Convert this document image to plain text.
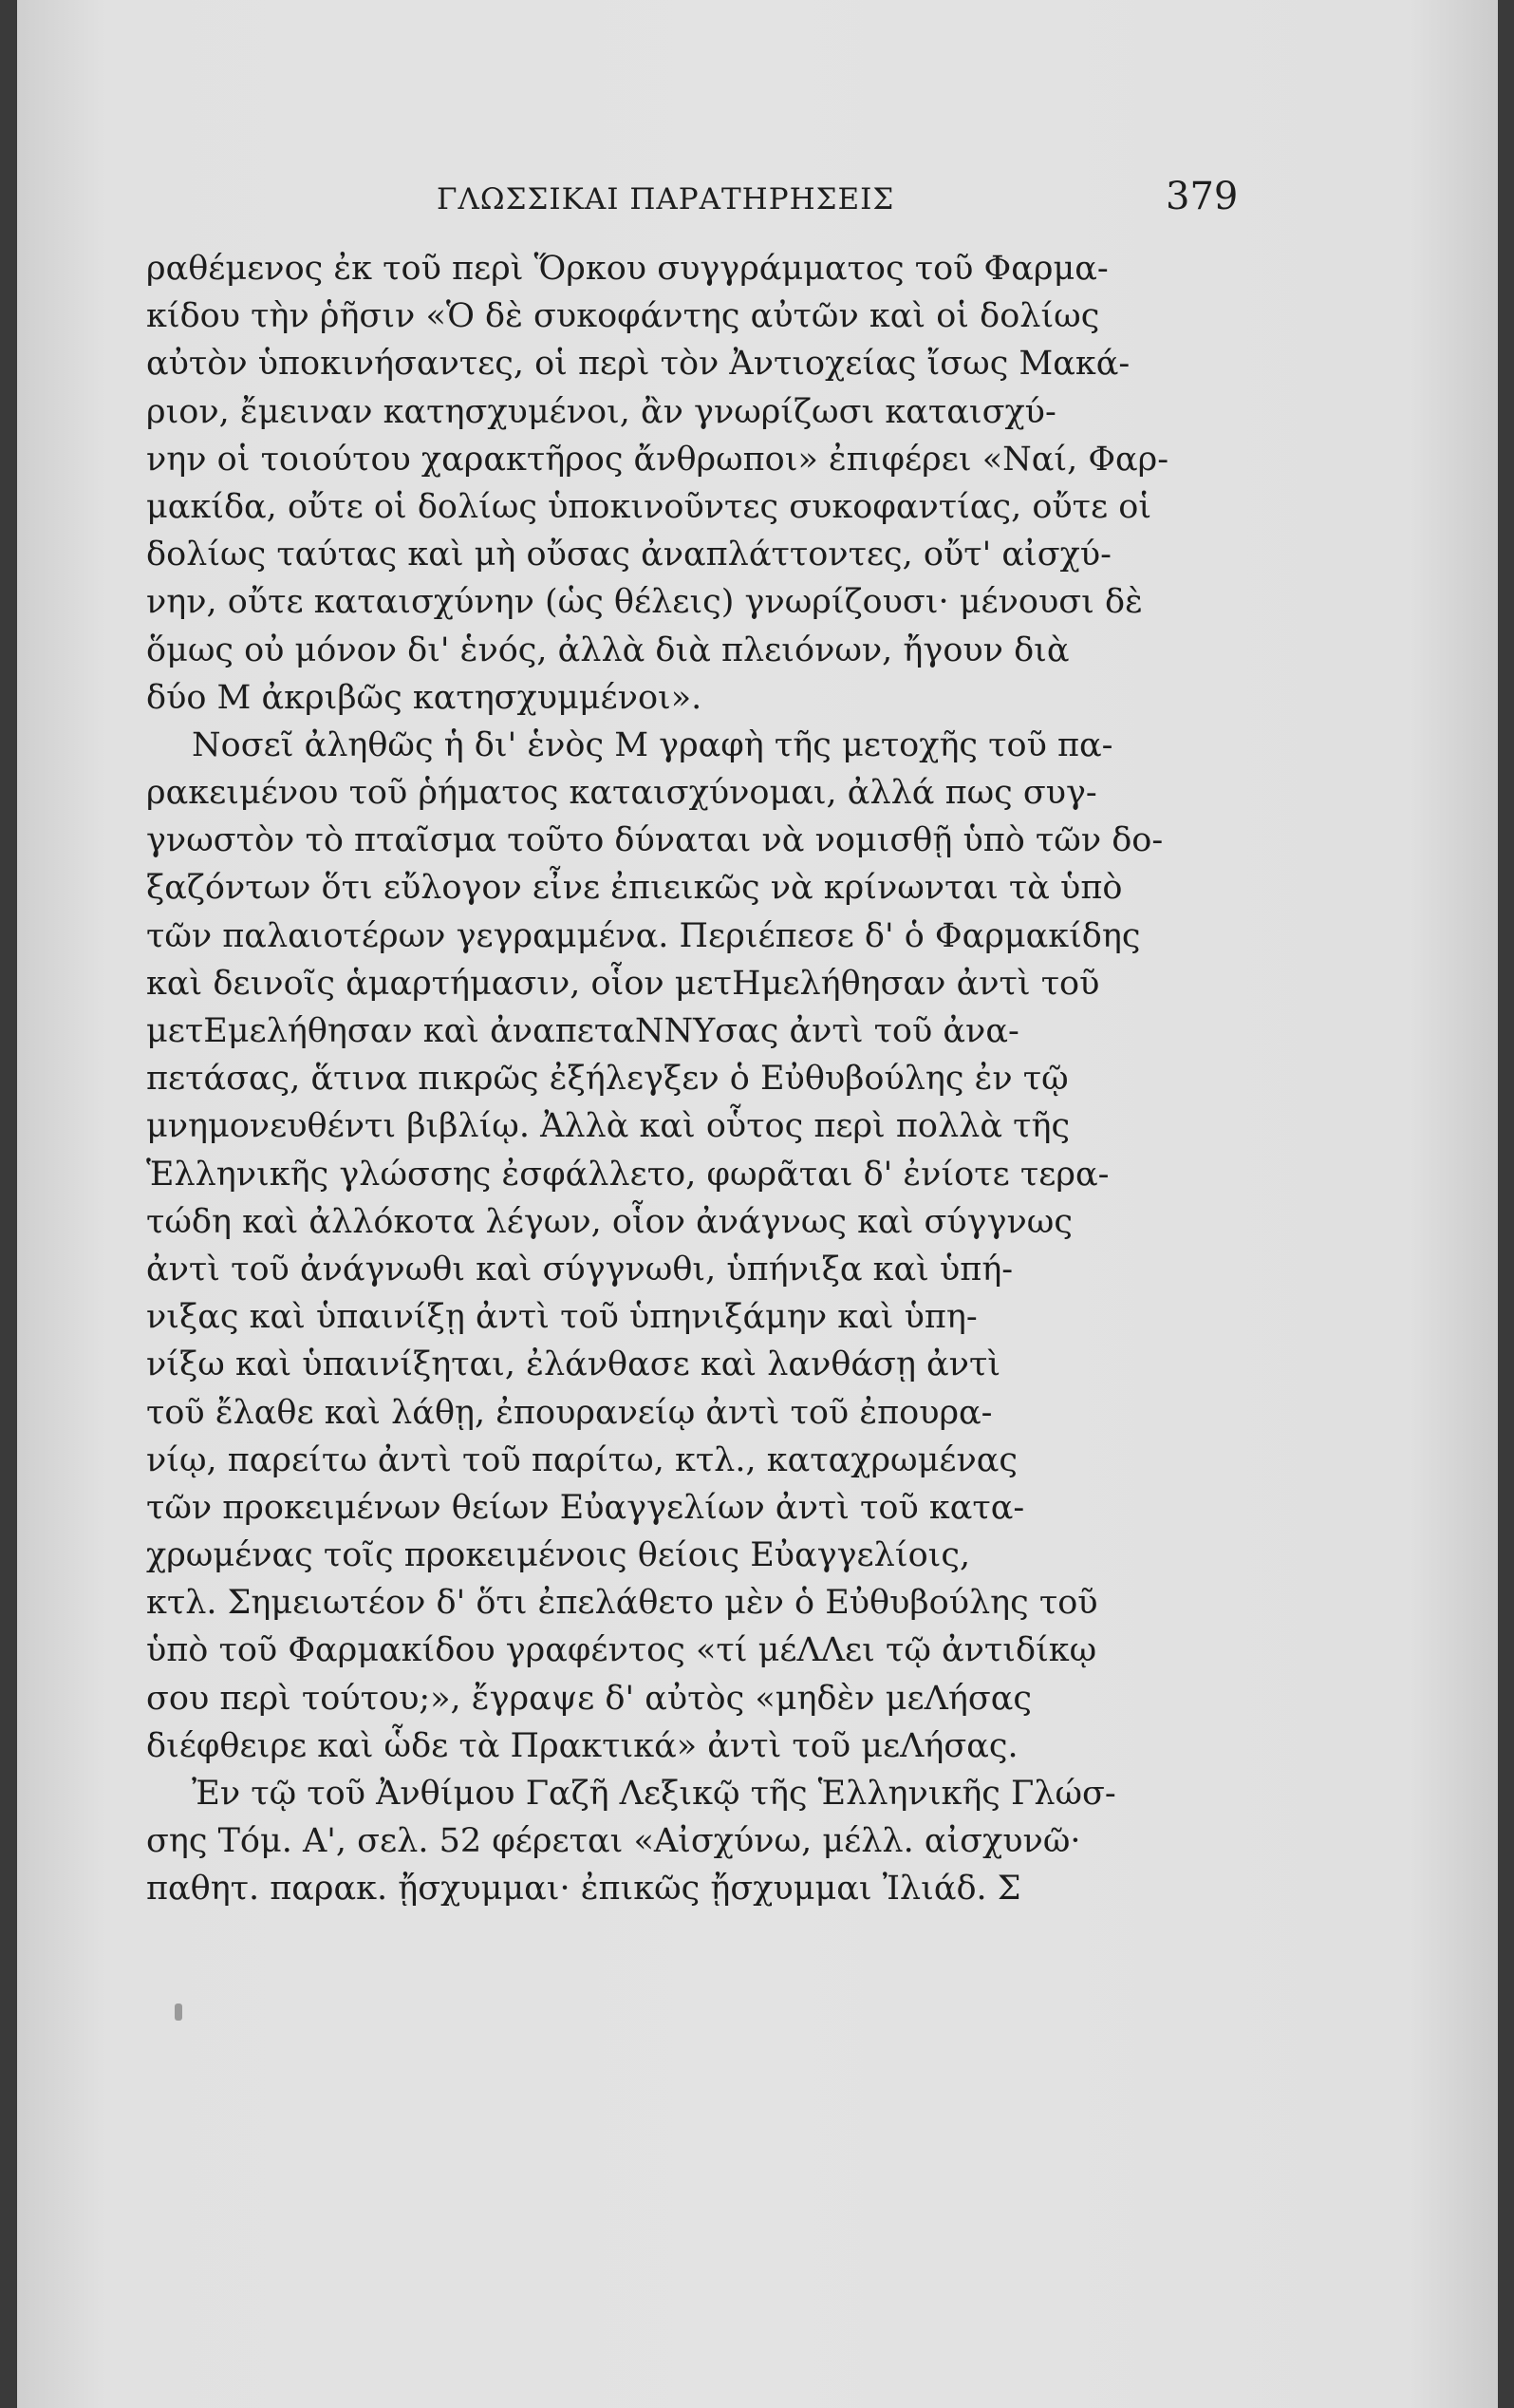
ΓΛΩΣΣΙΚΑΙ ΠΑΡΑΤΗΡΗΣΕΙΣ	379
ραθέμενος ἐκ τοῦ περὶ Ὅρκου συγγράμματος τοῦ Φαρμα-
κίδου τὴν ῥῆσιν «Ὁ δὲ συκοφάντης αὐτῶν καὶ οἱ δολίως
αὐτὸν ὑποκινήσαντες, οἱ περὶ τὸν Ἀντιοχείας ἴσως Μακά-
ριον, ἔμειναν κατησχυμένοι, ἂν γνωρίζωσι καταισχύ-
νην οἱ τοιούτου χαρακτῆρος ἄνθρωποι» ἐπιφέρει «Ναί, Φαρ-
μακίδα, οὔτε οἱ δολίως ὑποκινοῦντες συκοφαντίας, οὔτε οἱ
δολίως ταύτας καὶ μὴ οὔσας ἀναπλάττοντες, οὔτ' αἰσχύ-
νην, οὔτε καταισχύνην (ὡς θέλεις) γνωρίζουσι· μένουσι δὲ
ὅμως οὐ μόνον δι' ἑνός, ἀλλὰ διὰ πλειόνων, ἤγουν διὰ
δύο Μ ἀκριβῶς κατησχυμμένοι».
Νοσεῖ ἀληθῶς ἡ δι' ἑνὸς Μ γραφὴ τῆς μετοχῆς τοῦ πα-
ρακειμένου τοῦ ῥήματος καταισχύνομαι, ἀλλά πως συγ-
γνωστὸν τὸ πταῖσμα τοῦτο δύναται νὰ νομισθῇ ὑπὸ τῶν δο-
ξαζόντων ὅτι εὔλογον εἶνε ἐπιεικῶς νὰ κρίνωνται τὰ ὑπὸ
τῶν παλαιοτέρων γεγραμμένα. Περιέπεσε δ' ὁ Φαρμακίδης
καὶ δεινοῖς ἁμαρτήμασιν, οἷον μετΗμελήθησαν ἀντὶ τοῦ
μετΕμελήθησαν καὶ ἀναπεταΝΝΥσας ἀντὶ τοῦ ἀνα-
πετάσας, ἅτινα πικρῶς ἐξήλεγξεν ὁ Εὐθυβούλης ἐν τῷ
μνημονευθέντι βιβλίῳ. Ἀλλὰ καὶ οὗτος περὶ πολλὰ τῆς
Ἑλληνικῆς γλώσσης ἐσφάλλετο, φωρᾶται δ' ἐνίοτε τερα-
τώδη καὶ ἀλλόκοτα λέγων, οἷον ἀνάγνως καὶ σύγγνως
ἀντὶ τοῦ ἀνάγνωθι καὶ σύγγνωθι, ὑπήνιξα καὶ ὑπή-
νιξας καὶ ὑπαινίξῃ ἀντὶ τοῦ ὑπηνιξάμην καὶ ὑπη-
νίξω καὶ ὑπαινίξηται, ἐλάνθασε καὶ λανθάσῃ ἀντὶ
τοῦ ἔλαθε καὶ λάθῃ, ἐπουρανείῳ ἀντὶ τοῦ ἐπουρα-
νίῳ, παρείτω ἀντὶ τοῦ παρίτω, κτλ., καταχρωμένας
τῶν προκειμένων θείων Εὐαγγελίων ἀντὶ τοῦ κατα-
χρωμένας τοῖς προκειμένοις θείοις Εὐαγγελίοις,
κτλ. Σημειωτέον δ' ὅτι ἐπελάθετο μὲν ὁ Εὐθυβούλης τοῦ
ὑπὸ τοῦ Φαρμακίδου γραφέντος «τί μέΛΛει τῷ ἀντιδίκῳ
σου περὶ τούτου;», ἔγραψε δ' αὐτὸς «μηδὲν μεΛήσας
διέφθειρε καὶ ὧδε τὰ Πρακτικά» ἀντὶ τοῦ μεΛήσας.
Ἐν τῷ τοῦ Ἀνθίμου Γαζῆ Λεξικῷ τῆς Ἑλληνικῆς Γλώσ-
σης Τόμ. Α', σελ. 52 φέρεται «Αἰσχύνω, μέλλ. αἰσχυνῶ·
παθητ. παρακ. ᾔσχυμμαι· ἐπικῶς ᾔσχυμμαι Ἰλιάδ. Σ
